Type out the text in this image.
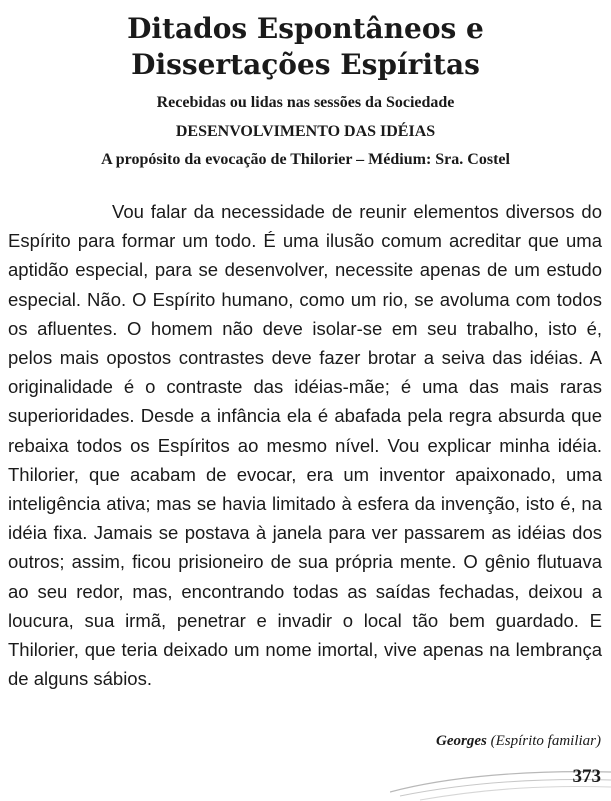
Ditados Espontâneos e
Dissertações Espíritas

Recebidas ou lidas nas sessões da Sociedade

DESENVOLVIMENTO DAS IDÉIAS

A propósito da evocação de Thilorier – Médium: Sra. Costel

Vou falar da necessidade de reunir elementos diversos do Espírito para formar um todo. É uma ilusão comum acreditar que uma aptidão especial, para se desenvolver, necessite apenas de um estudo especial. Não. O Espírito humano, como um rio, se avoluma com todos os afluentes. O homem não deve isolar-se em seu trabalho, isto é, pelos mais opostos contrastes deve fazer brotar a seiva das idéias. A originalidade é o contraste das idéias-mãe; é uma das mais raras superioridades. Desde a infância ela é abafada pela regra absurda que rebaixa todos os Espíritos ao mesmo nível. Vou explicar minha idéia. Thilorier, que acabam de evocar, era um inventor apaixonado, uma inteligência ativa; mas se havia limitado à esfera da invenção, isto é, na idéia fixa. Jamais se postava à janela para ver passarem as idéias dos outros; assim, ficou prisioneiro de sua própria mente. O gênio flutuava ao seu redor, mas, encontrando todas as saídas fechadas, deixou a loucura, sua irmã, penetrar e invadir o local tão bem guardado. E Thilorier, que teria deixado um nome imortal, vive apenas na lembrança de alguns sábios.

Georges (Espírito familiar)
373
